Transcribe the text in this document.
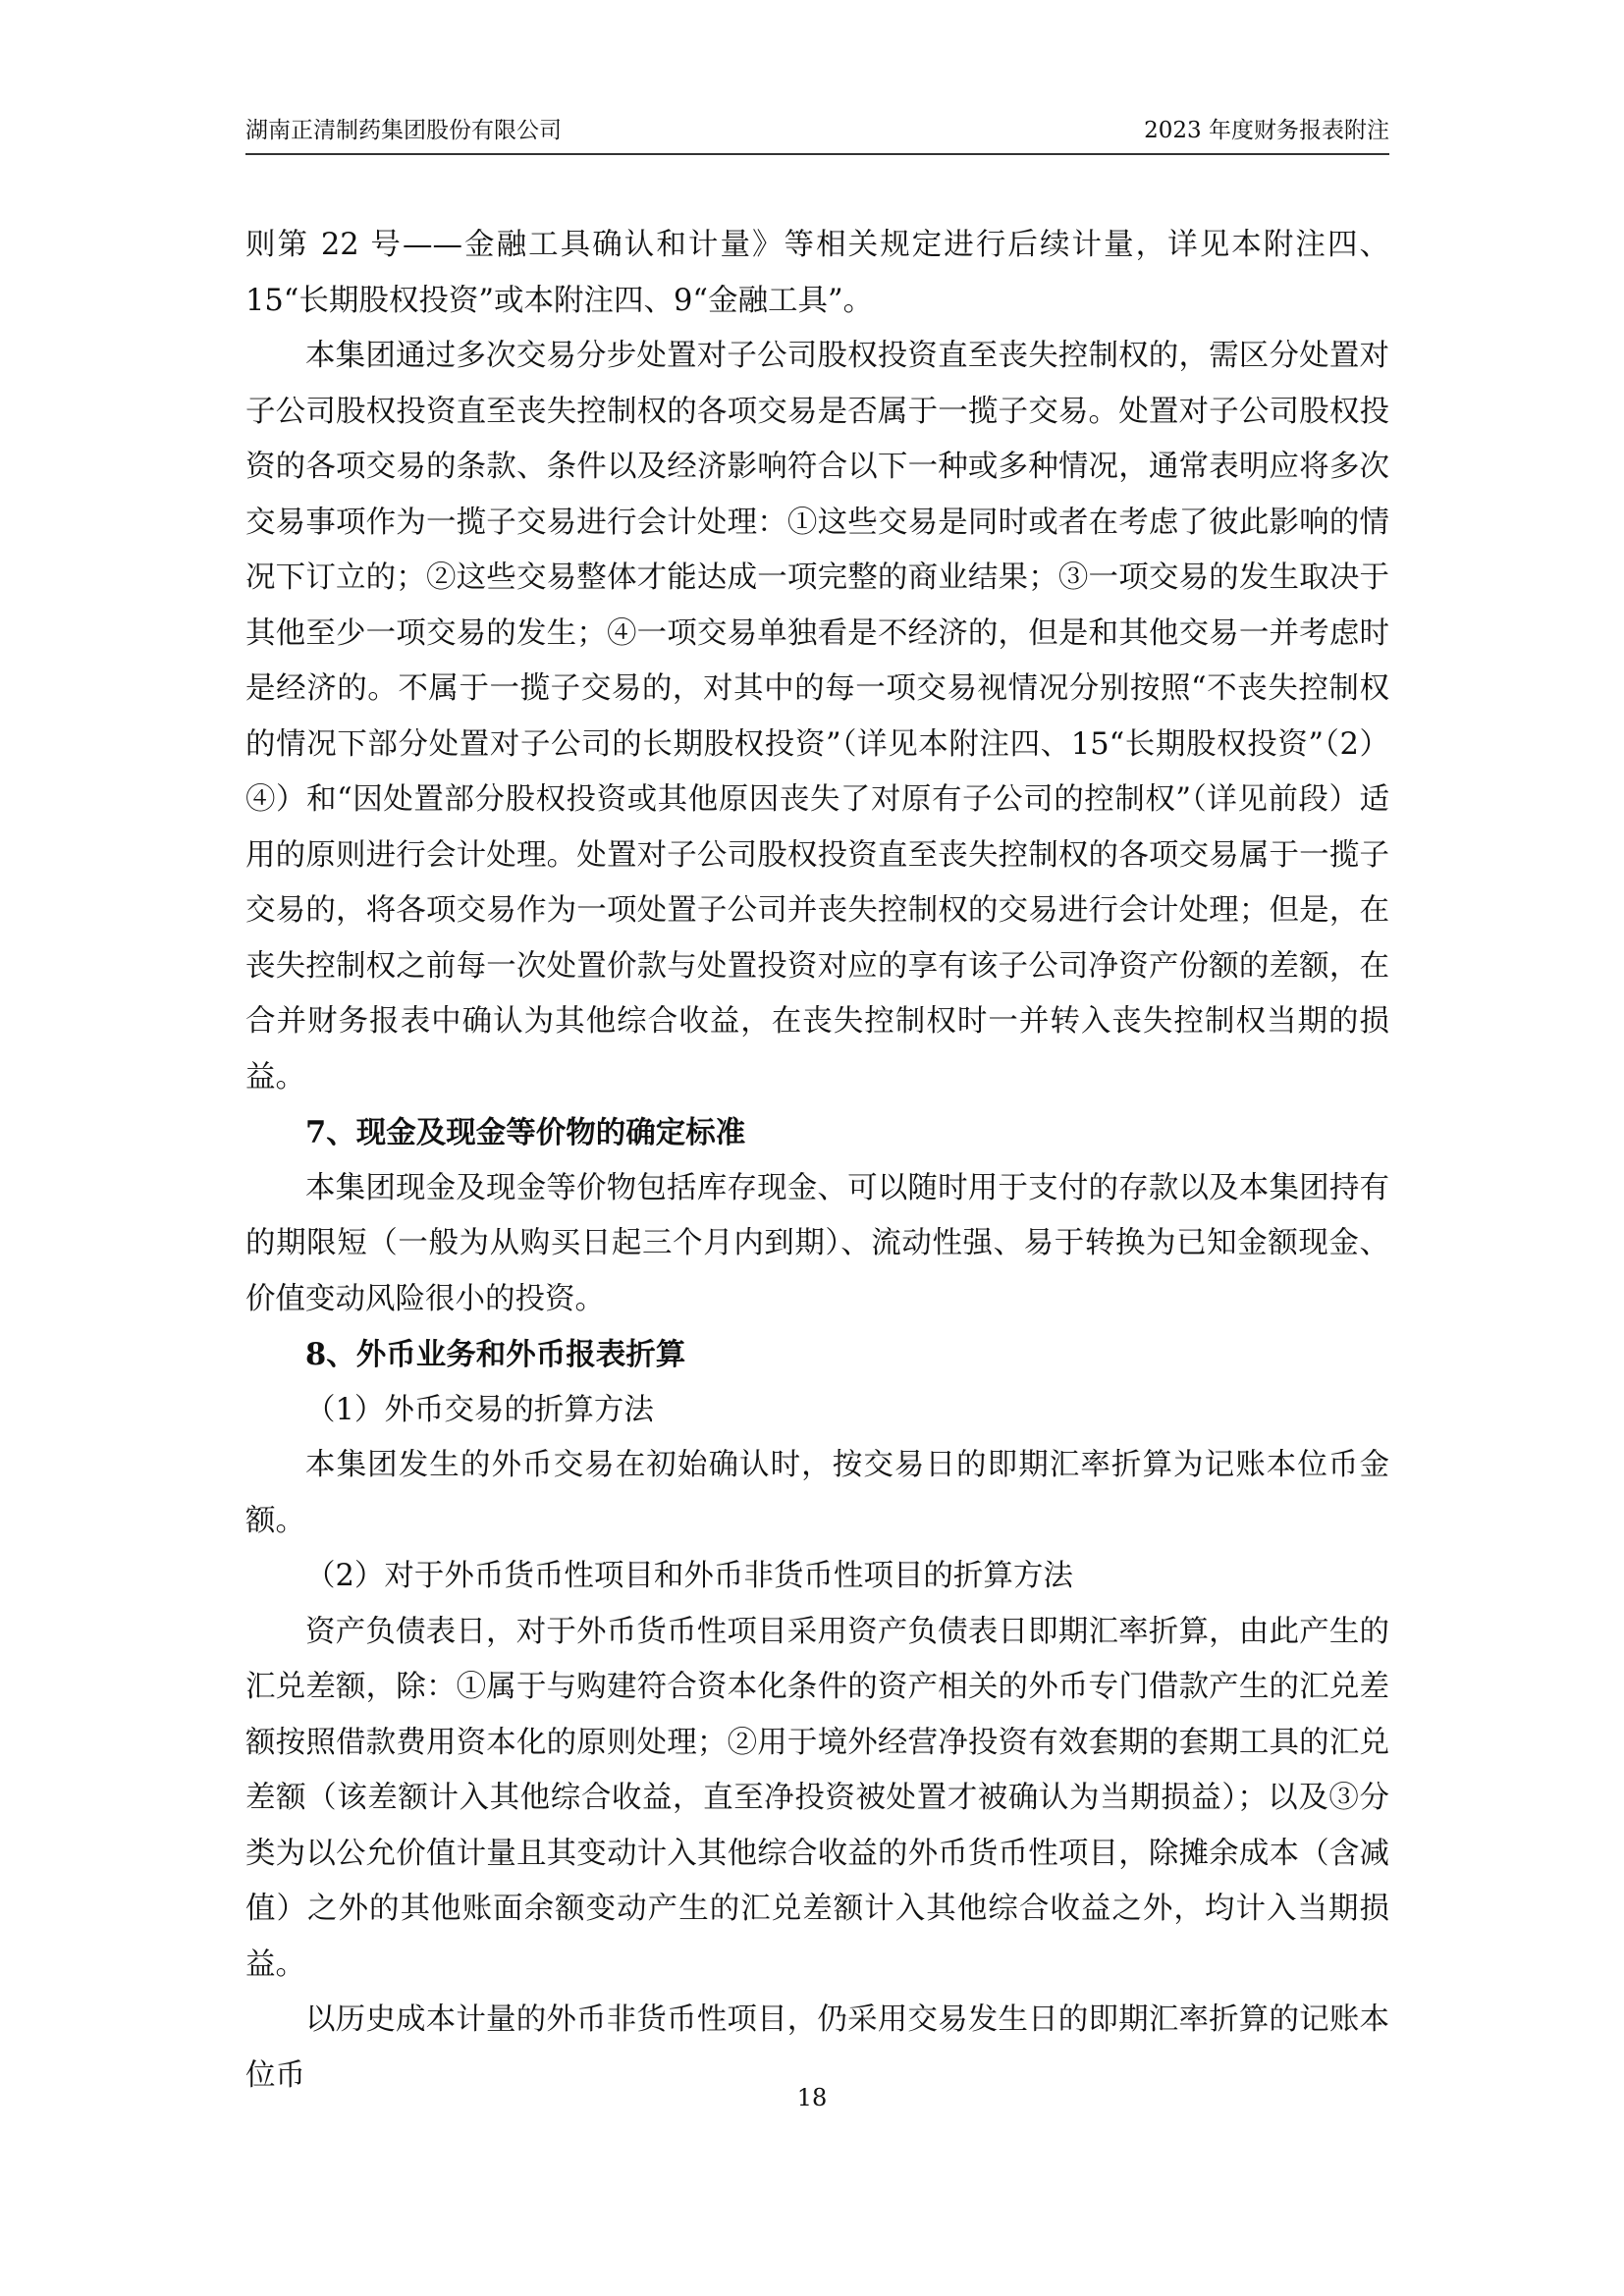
湖南正清制药集团股份有限公司	2023 年度财务报表附注

则第 22 号——金融工具确认和计量》等相关规定进行后续计量，详见本附注四、15“长期股权投资”或本附注四、9“金融工具”。

本集团通过多次交易分步处置对子公司股权投资直至丧失控制权的，需区分处置对子公司股权投资直至丧失控制权的各项交易是否属于一揽子交易。处置对子公司股权投资的各项交易的条款、条件以及经济影响符合以下一种或多种情况，通常表明应将多次交易事项作为一揽子交易进行会计处理：①这些交易是同时或者在考虑了彼此影响的情况下订立的；②这些交易整体才能达成一项完整的商业结果；③一项交易的发生取决于其他至少一项交易的发生；④一项交易单独看是不经济的，但是和其他交易一并考虑时是经济的。不属于一揽子交易的，对其中的每一项交易视情况分别按照“不丧失控制权的情况下部分处置对子公司的长期股权投资”（详见本附注四、15“长期股权投资”（2）④）和“因处置部分股权投资或其他原因丧失了对原有子公司的控制权”（详见前段）适用的原则进行会计处理。处置对子公司股权投资直至丧失控制权的各项交易属于一揽子交易的，将各项交易作为一项处置子公司并丧失控制权的交易进行会计处理；但是，在丧失控制权之前每一次处置价款与处置投资对应的享有该子公司净资产份额的差额，在合并财务报表中确认为其他综合收益，在丧失控制权时一并转入丧失控制权当期的损益。

7、现金及现金等价物的确定标准

本集团现金及现金等价物包括库存现金、可以随时用于支付的存款以及本集团持有的期限短（一般为从购买日起三个月内到期）、流动性强、易于转换为已知金额现金、价值变动风险很小的投资。

8、外币业务和外币报表折算

（1）外币交易的折算方法

本集团发生的外币交易在初始确认时，按交易日的即期汇率折算为记账本位币金额。

（2）对于外币货币性项目和外币非货币性项目的折算方法

资产负债表日，对于外币货币性项目采用资产负债表日即期汇率折算，由此产生的汇兑差额，除：①属于与购建符合资本化条件的资产相关的外币专门借款产生的汇兑差额按照借款费用资本化的原则处理；②用于境外经营净投资有效套期的套期工具的汇兑差额（该差额计入其他综合收益，直至净投资被处置才被确认为当期损益）；以及③分类为以公允价值计量且其变动计入其他综合收益的外币货币性项目，除摊余成本（含减值）之外的其他账面余额变动产生的汇兑差额计入其他综合收益之外，均计入当期损益。

以历史成本计量的外币非货币性项目，仍采用交易发生日的即期汇率折算的记账本位币

18
